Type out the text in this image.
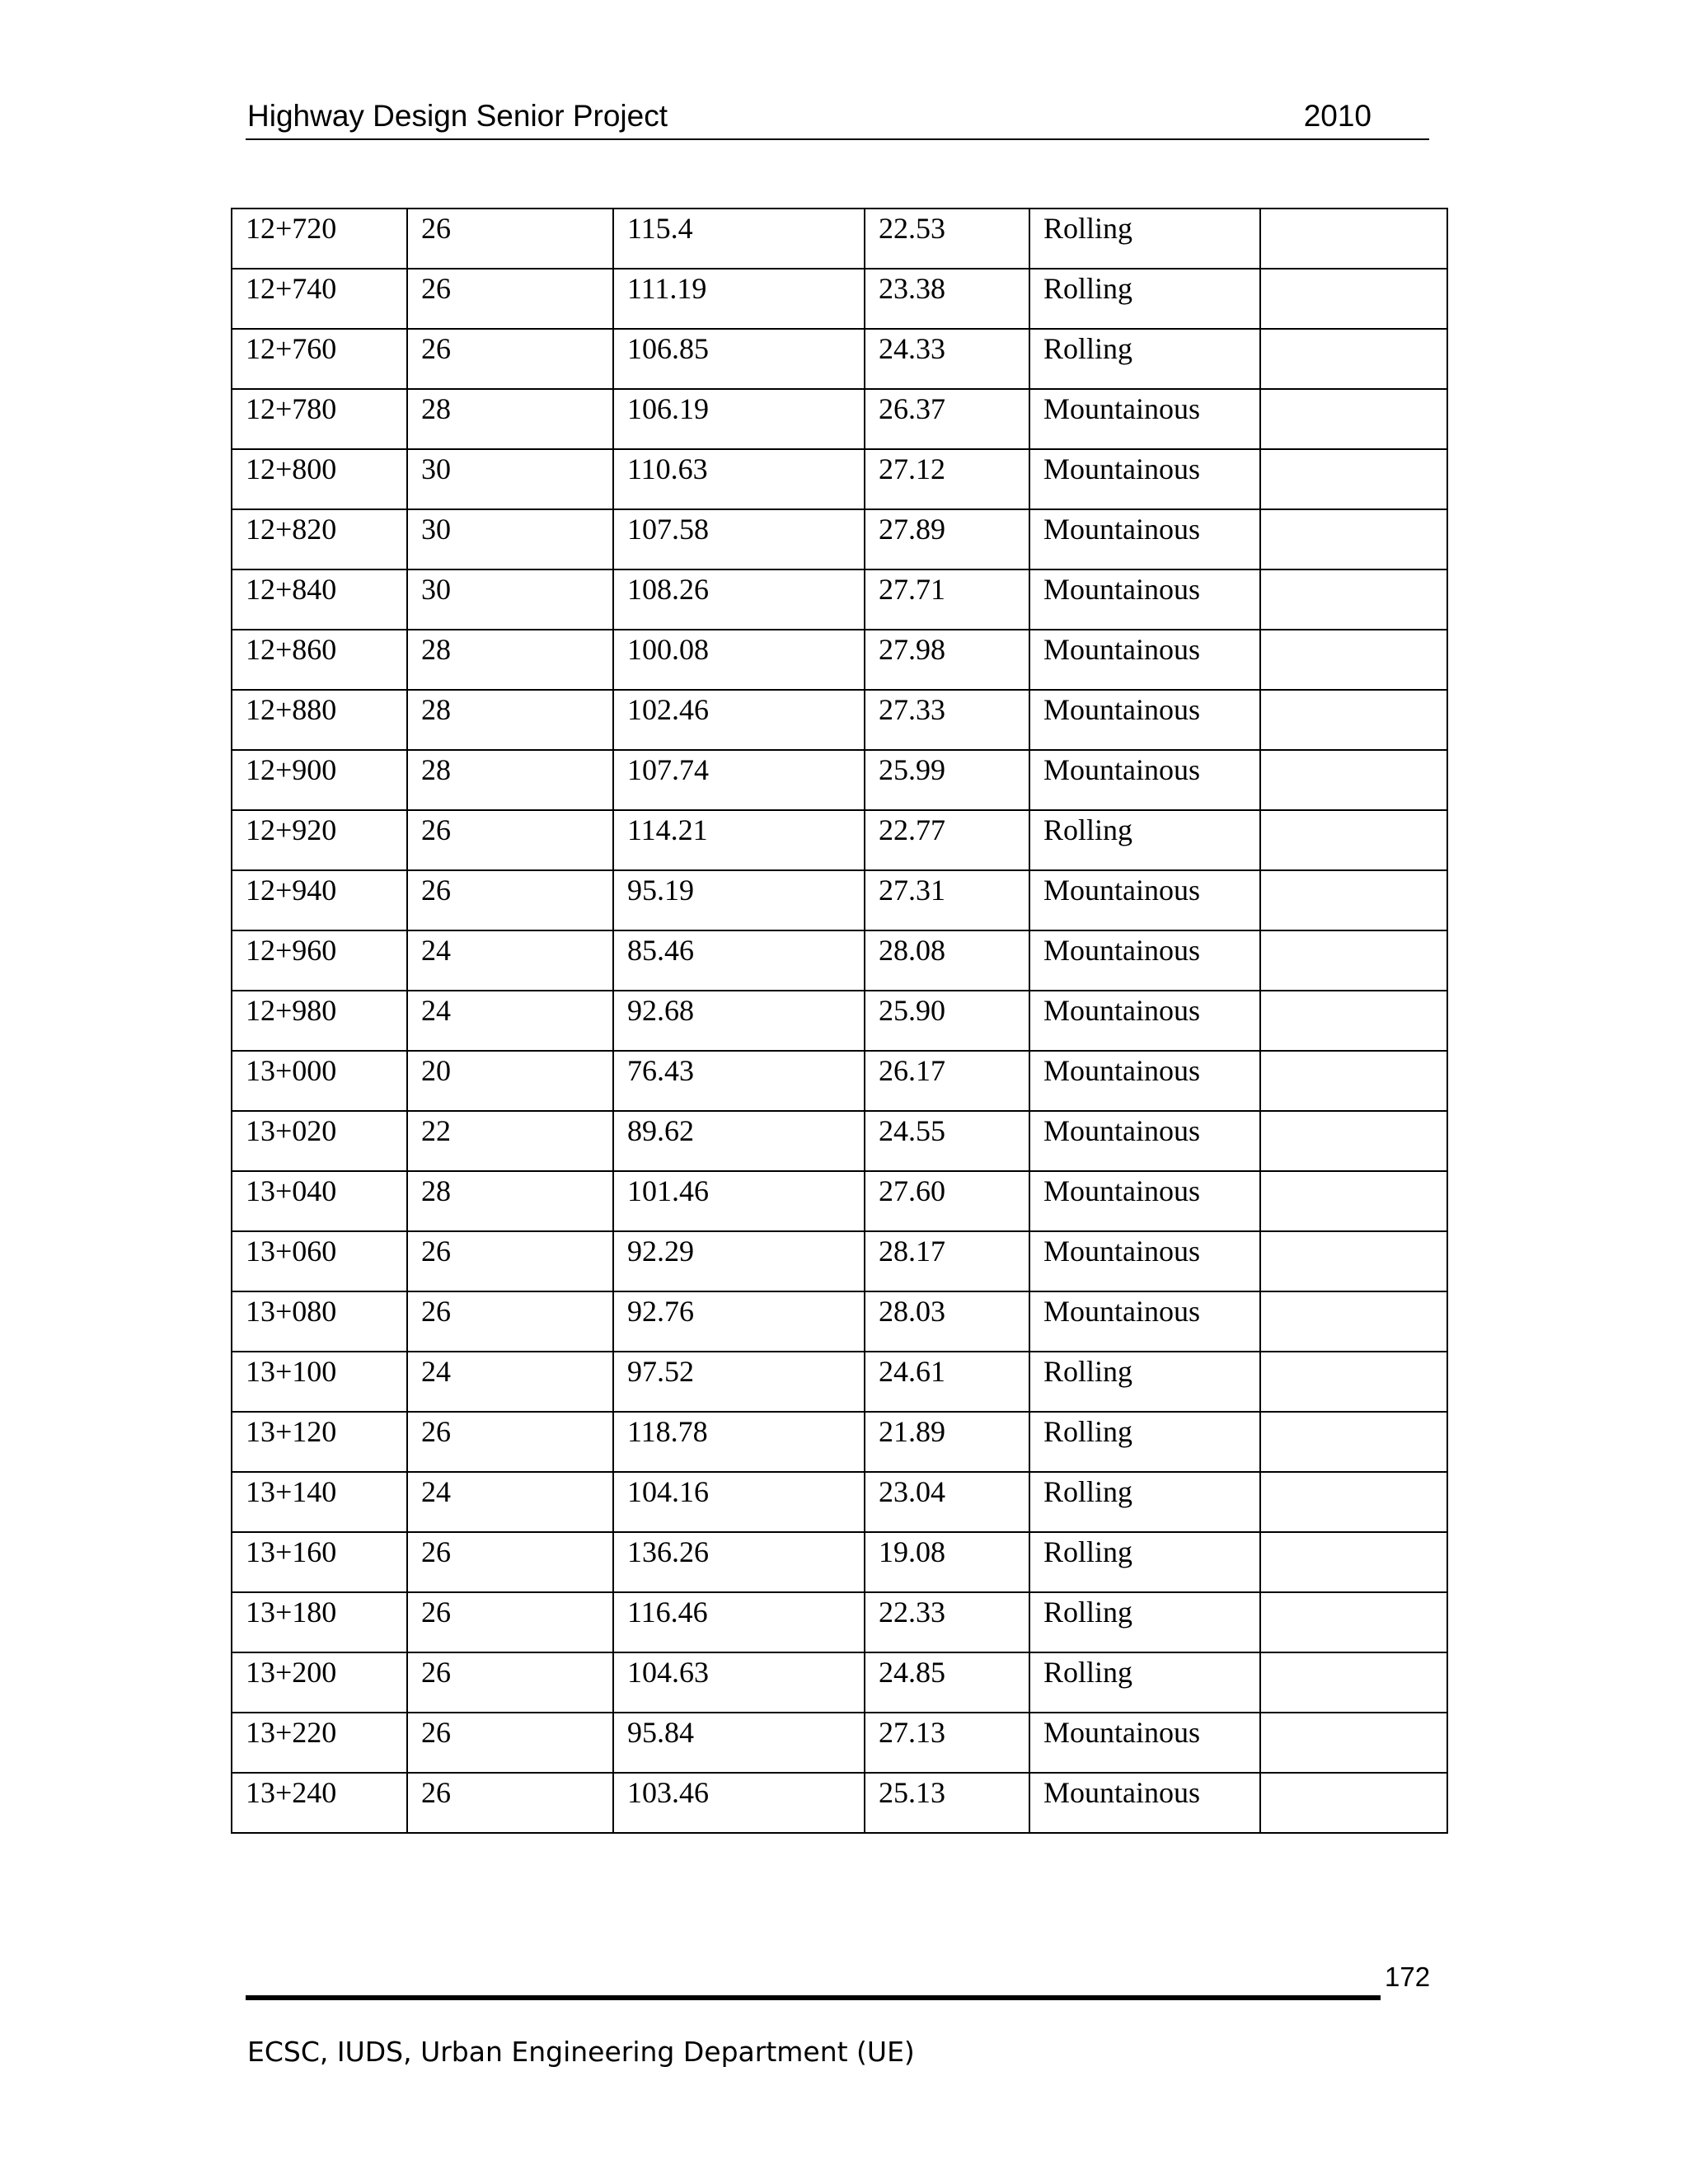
Highway Design Senior Project	2010
12+720	26	115.4	22.53	Rolling	
12+740	26	111.19	23.38	Rolling	
12+760	26	106.85	24.33	Rolling	
12+780	28	106.19	26.37	Mountainous	
12+800	30	110.63	27.12	Mountainous	
12+820	30	107.58	27.89	Mountainous	
12+840	30	108.26	27.71	Mountainous	
12+860	28	100.08	27.98	Mountainous	
12+880	28	102.46	27.33	Mountainous	
12+900	28	107.74	25.99	Mountainous	
12+920	26	114.21	22.77	Rolling	
12+940	26	95.19	27.31	Mountainous	
12+960	24	85.46	28.08	Mountainous	
12+980	24	92.68	25.90	Mountainous	
13+000	20	76.43	26.17	Mountainous	
13+020	22	89.62	24.55	Mountainous	
13+040	28	101.46	27.60	Mountainous	
13+060	26	92.29	28.17	Mountainous	
13+080	26	92.76	28.03	Mountainous	
13+100	24	97.52	24.61	Rolling	
13+120	26	118.78	21.89	Rolling	
13+140	24	104.16	23.04	Rolling	
13+160	26	136.26	19.08	Rolling	
13+180	26	116.46	22.33	Rolling	
13+200	26	104.63	24.85	Rolling	
13+220	26	95.84	27.13	Mountainous	
13+240	26	103.46	25.13	Mountainous	
172
ECSC, IUDS, Urban Engineering Department (UE)
